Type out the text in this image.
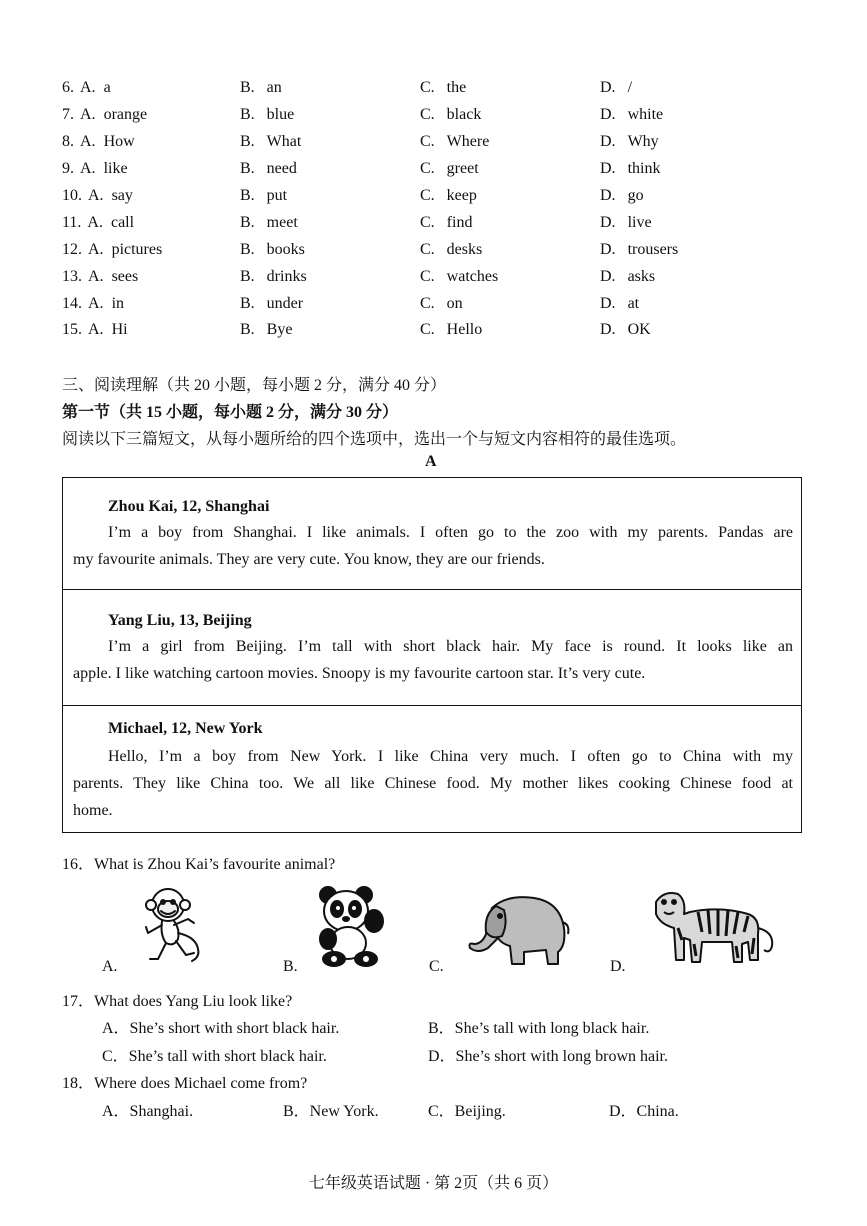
6. A. a	B. an	C. the	D. /
7. A. orange	B. blue	C. black	D. white
8. A. How	B. What	C. Where	D. Why
9. A. like	B. need	C. greet	D. think
10. A. say	B. put	C. keep	D. go
11. A. call	B. meet	C. find	D. live
12. A. pictures	B. books	C. desks	D. trousers
13. A. sees	B. drinks	C. watches	D. asks
14. A. in	B. under	C. on	D. at
15. A. Hi	B. Bye	C. Hello	D. OK
三、阅读理解（共 20 小题，每小题 2 分，满分 40 分）
第一节（共 15 小题，每小题 2 分，满分 30 分）
阅读以下三篇短文，从每小题所给的四个选项中，选出一个与短文内容相符的最佳选项。
A
Zhou Kai, 12, Shanghai
I’m a boy from Shanghai. I like animals. I often go to the zoo with my parents. Pandas are
my favourite animals. They are very cute. You know, they are our friends.
Yang Liu, 13, Beijing
I’m a girl from Beijing. I’m tall with short black hair. My face is round. It looks like an
apple. I like watching cartoon movies. Snoopy is my favourite cartoon star. It’s very cute.
Michael, 12, New York
Hello, I’m a boy from New York. I like China very much. I often go to China with my
parents. They like China too. We all like Chinese food. My mother likes cooking Chinese food at
home.
16．What is Zhou Kai’s favourite animal?
A.	B.	C.	D.
17．What does Yang Liu look like?
A．She’s short with short black hair.	B．She’s tall with long black hair.
C．She’s tall with short black hair.	D．She’s short with long brown hair.
18．Where does Michael come from?
A．Shanghai.	B．New York.	C．Beijing.	D．China.
七年级英语试题 · 第 2页（共 6 页）
